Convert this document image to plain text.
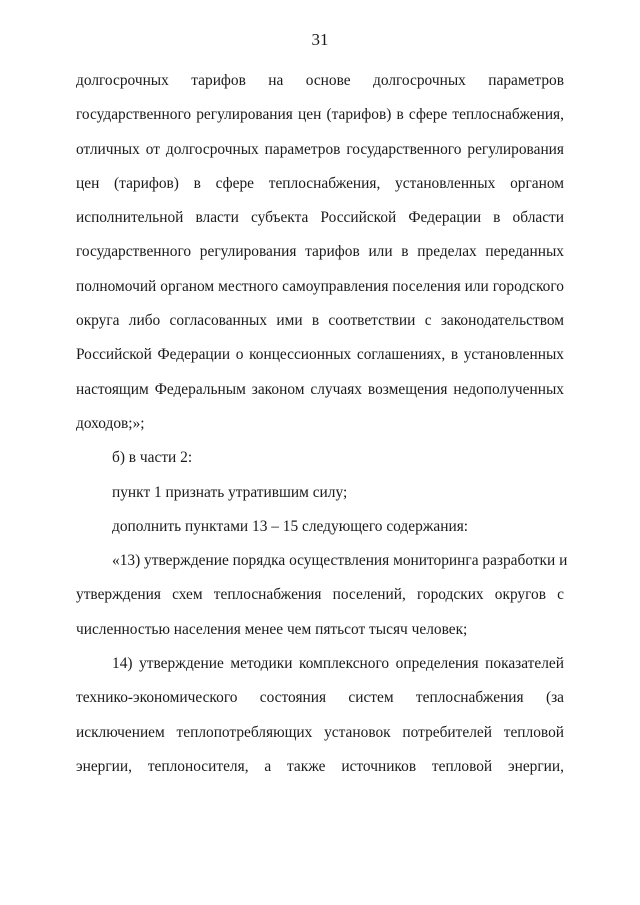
31
долгосрочных тарифов на основе долгосрочных параметров
государственного регулирования цен (тарифов) в сфере теплоснабжения,
отличных от долгосрочных параметров государственного регулирования
цен (тарифов) в сфере теплоснабжения, установленных органом
исполнительной власти субъекта Российской Федерации в области
государственного регулирования тарифов или в пределах переданных
полномочий органом местного самоуправления поселения или городского
округа либо согласованных ими в соответствии с законодательством
Российской Федерации о концессионных соглашениях, в установленных
настоящим Федеральным законом случаях возмещения недополученных
доходов;»;
б) в части 2:
пункт 1 признать утратившим силу;
дополнить пунктами 13 – 15 следующего содержания:
«13) утверждение порядка осуществления мониторинга разработки и
утверждения схем теплоснабжения поселений, городских округов с
численностью населения менее чем пятьсот тысяч человек;
14) утверждение методики комплексного определения показателей
технико-экономического состояния систем теплоснабжения (за
исключением теплопотребляющих установок потребителей тепловой
энергии, теплоносителя, а также источников тепловой энергии,
